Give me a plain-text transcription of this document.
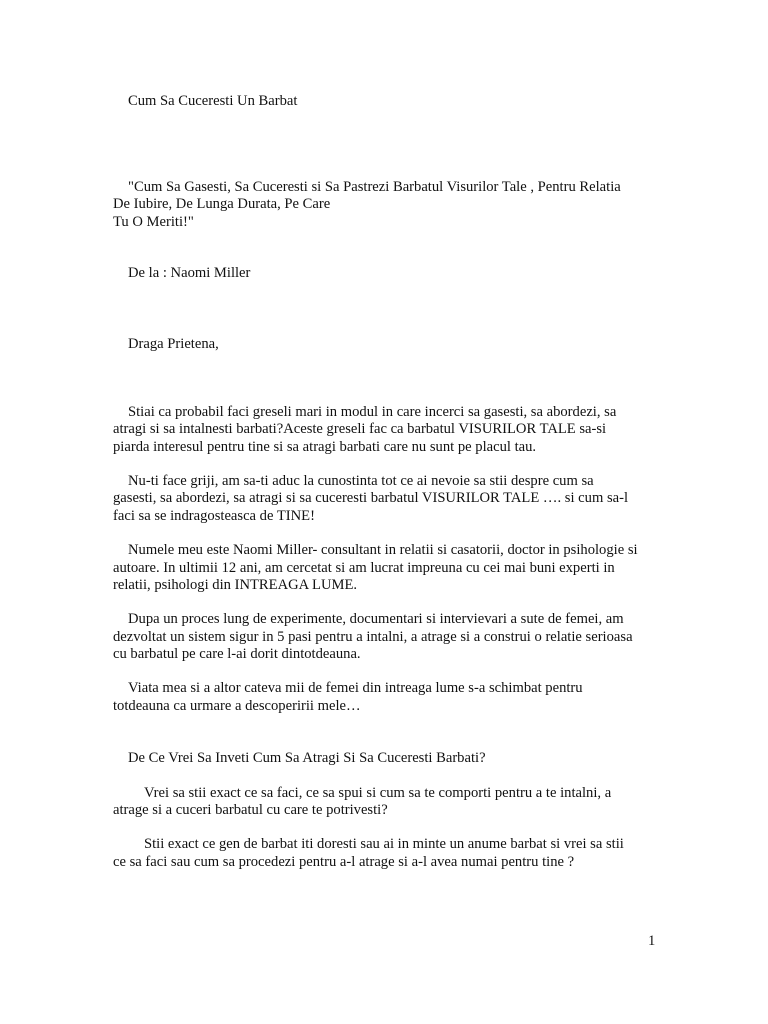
Cum Sa Cuceresti Un Barbat
"Cum Sa Gasesti, Sa Cuceresti si Sa Pastrezi Barbatul Visurilor Tale , Pentru Relatia
De Iubire, De Lunga Durata, Pe Care
Tu O Meriti!"
De la : Naomi Miller
Draga Prietena,
Stiai ca probabil faci greseli mari in modul in care incerci sa gasesti, sa abordezi, sa
atragi si sa intalnesti barbati?Aceste greseli fac ca barbatul VISURILOR TALE sa-si
piarda interesul pentru tine si sa atragi barbati care nu sunt pe placul tau.
Nu-ti face griji, am sa-ti aduc la cunostinta tot ce ai nevoie sa stii despre cum sa
gasesti, sa abordezi, sa atragi si sa cuceresti barbatul VISURILOR TALE …. si cum sa-l
faci sa se indragosteasca de TINE!
Numele meu este Naomi Miller- consultant in relatii si casatorii, doctor in psihologie si
autoare. In ultimii 12 ani, am cercetat si am lucrat impreuna cu cei mai buni experti in
relatii, psihologi din INTREAGA LUME.
Dupa un proces lung de experimente, documentari si intervievari a sute de femei, am
dezvoltat un sistem sigur in 5 pasi pentru a intalni, a atrage si a construi o relatie serioasa
cu barbatul pe care l-ai dorit dintotdeauna.
Viata mea si a altor cateva mii de femei din intreaga lume s-a schimbat pentru
totdeauna ca urmare a descoperirii mele…
De Ce Vrei Sa Inveti Cum Sa Atragi Si Sa Cuceresti Barbati?
Vrei sa stii exact ce sa faci, ce sa spui si cum sa te comporti pentru a te intalni, a
atrage si a cuceri barbatul cu care te potrivesti?
Stii exact ce gen de barbat iti doresti sau ai in minte un anume barbat si vrei sa stii
ce sa faci sau cum sa procedezi pentru a-l atrage si a-l avea numai pentru tine ?
1
